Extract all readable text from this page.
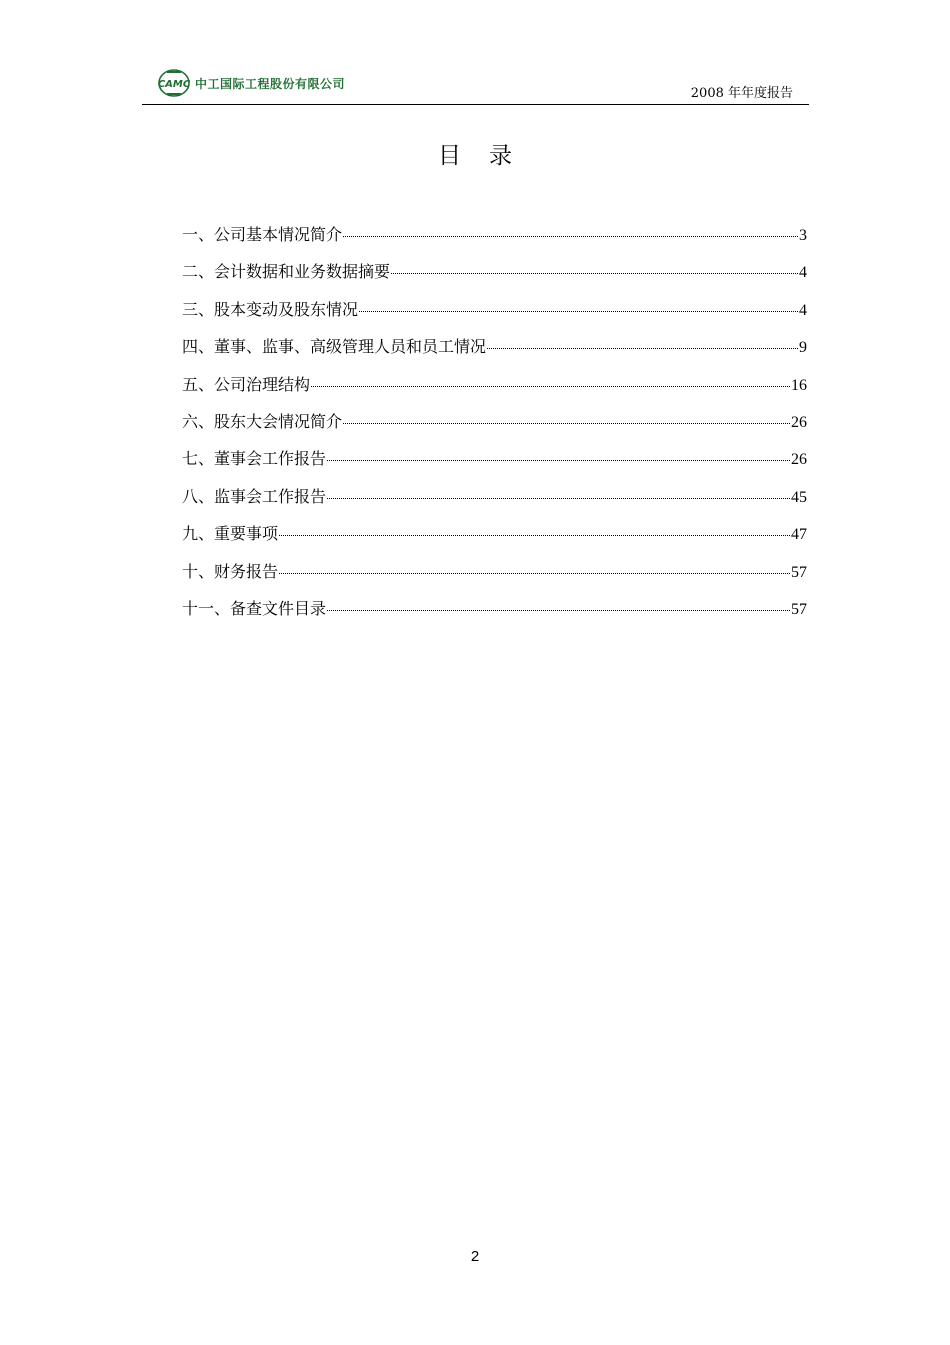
CAMC 中工国际工程股份有限公司
2008 年年度报告
目录
一、公司基本情况简介	3
二、会计数据和业务数据摘要	4
三、股本变动及股东情况	4
四、董事、监事、高级管理人员和员工情况	9
五、公司治理结构	16
六、股东大会情况简介	26
七、董事会工作报告	26
八、监事会工作报告	45
九、重要事项	47
十、财务报告	57
十一、备查文件目录	57
2
